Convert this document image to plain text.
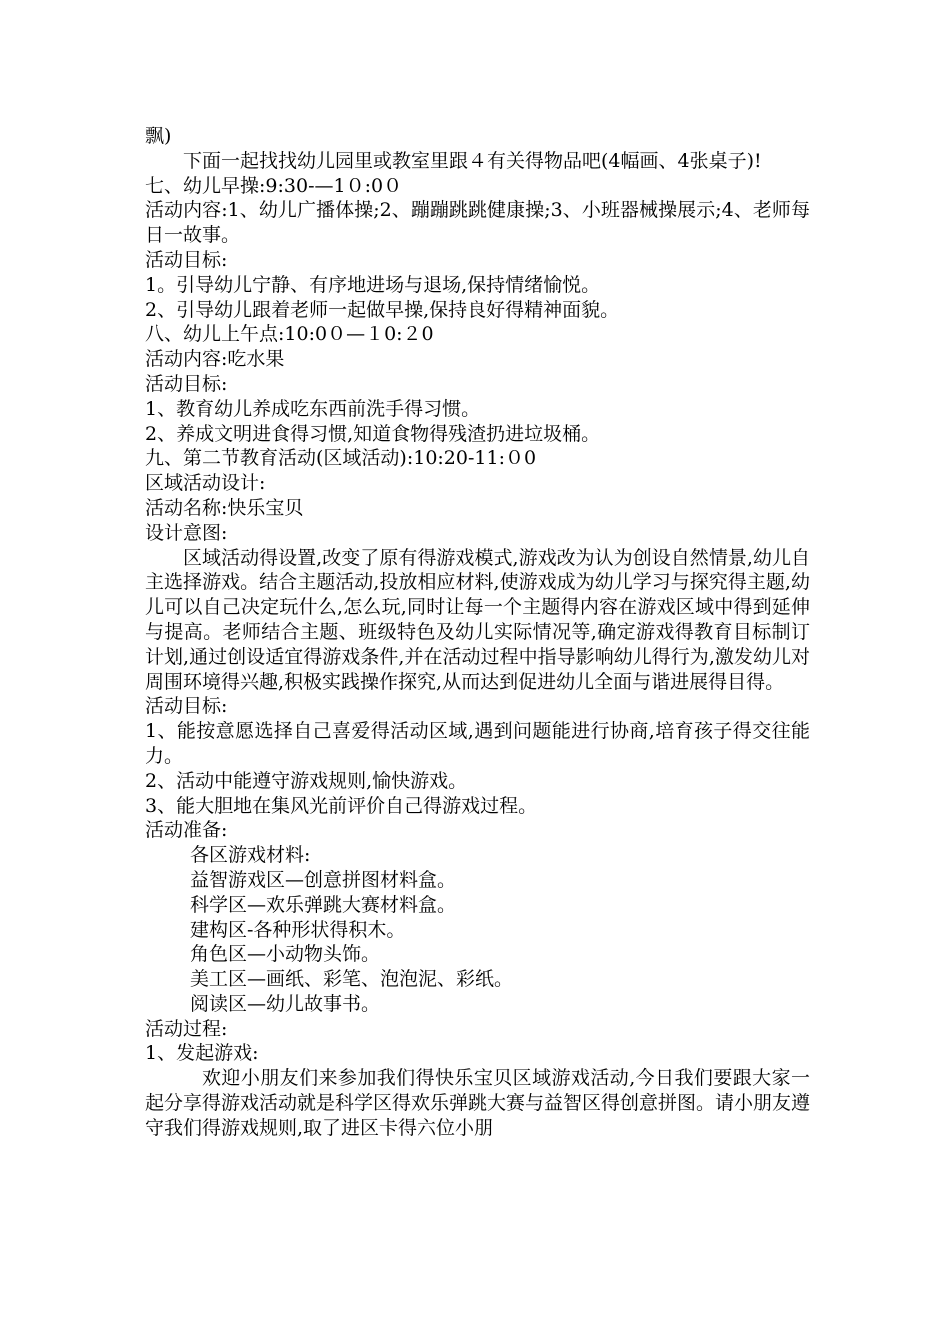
飘)
下面一起找找幼儿园里或教室里跟４有关得物品吧(4幅画、4张桌子)!
七、幼儿早操:9:30-—1０:0０
活动内容:1、幼儿广播体操;2、蹦蹦跳跳健康操;3、小班器械操展示;4、老师每日一故事。
活动目标:
1。引导幼儿宁静、有序地进场与退场,保持情绪愉悦。
2、引导幼儿跟着老师一起做早操,保持良好得精神面貌。
八、幼儿上午点:10:0０—１0:２0
活动内容:吃水果
活动目标:
1、教育幼儿养成吃东西前洗手得习惯。
2、养成文明进食得习惯,知道食物得残渣扔进垃圾桶。
九、第二节教育活动(区域活动):10:20-11:０0
区域活动设计:
活动名称:快乐宝贝
设计意图:
区域活动得设置,改变了原有得游戏模式,游戏改为认为创设自然情景,幼儿自主选择游戏。结合主题活动,投放相应材料,使游戏成为幼儿学习与探究得主题,幼儿可以自己决定玩什么,怎么玩,同时让每一个主题得内容在游戏区域中得到延伸与提高。老师结合主题、班级特色及幼儿实际情况等,确定游戏得教育目标制订计划,通过创设适宜得游戏条件,并在活动过程中指导影响幼儿得行为,激发幼儿对周围环境得兴趣,积极实践操作探究,从而达到促进幼儿全面与谐进展得目得。
活动目标:
1、能按意愿选择自己喜爱得活动区域,遇到问题能进行协商,培育孩子得交往能力。
2、活动中能遵守游戏规则,愉快游戏。
3、能大胆地在集风光前评价自己得游戏过程。
活动准备:
各区游戏材料:
益智游戏区—创意拼图材料盒。
科学区—欢乐弹跳大赛材料盒。
建构区-各种形状得积木。
角色区—小动物头饰。
美工区—画纸、彩笔、泡泡泥、彩纸。
阅读区—幼儿故事书。
活动过程:
1、发起游戏:
欢迎小朋友们来参加我们得快乐宝贝区域游戏活动,今日我们要跟大家一起分享得游戏活动就是科学区得欢乐弹跳大赛与益智区得创意拼图。请小朋友遵守我们得游戏规则,取了进区卡得六位小朋
